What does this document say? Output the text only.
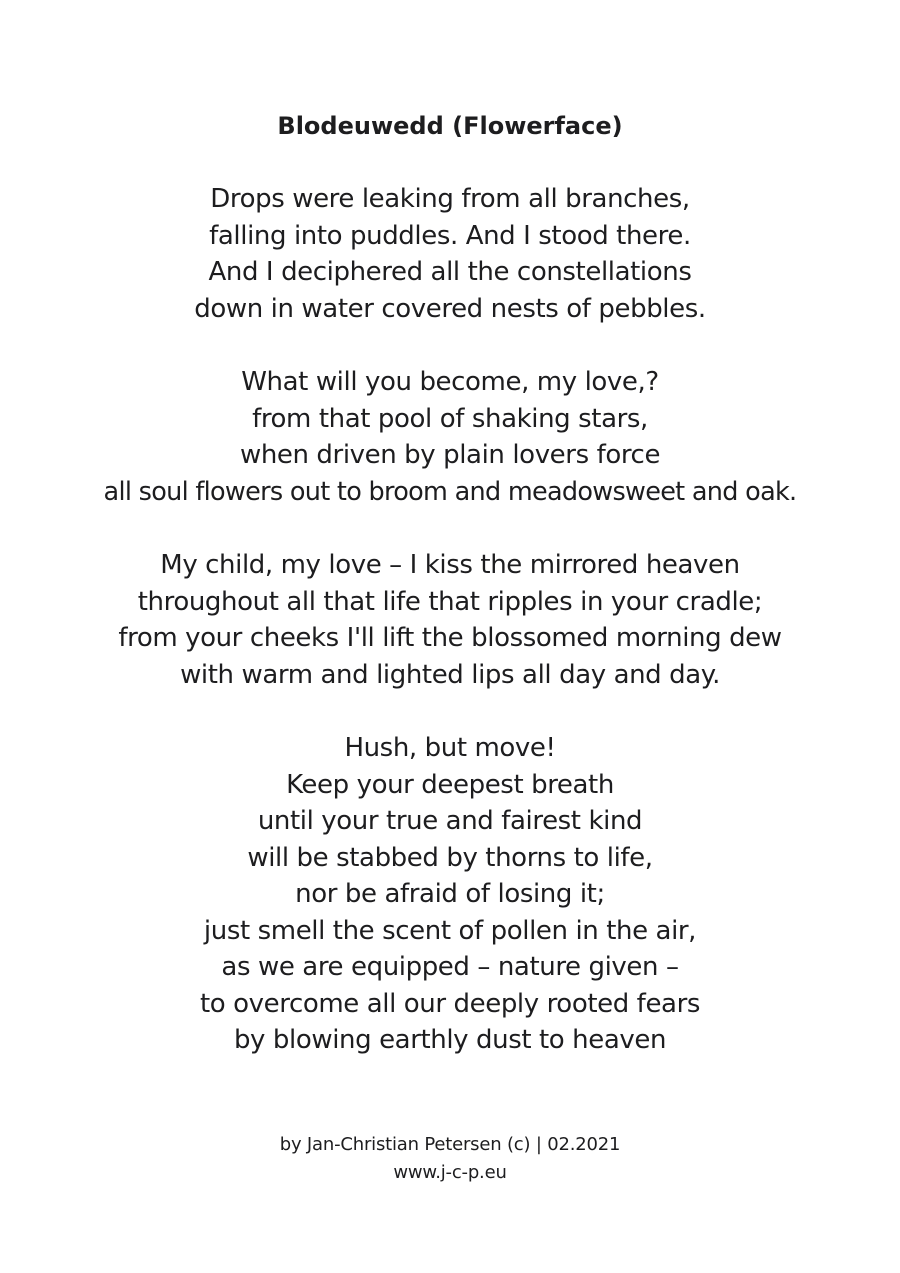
Blodeuwedd (Flowerface)
Drops were leaking from all branches,
falling into puddles. And I stood there.
And I deciphered all the constellations
down in water covered nests of pebbles.
What will you become, my love,?
from that pool of shaking stars,
when driven by plain lovers force
all soul flowers out to broom and meadowsweet and oak.
My child, my love – I kiss the mirrored heaven
throughout all that life that ripples in your cradle;
from your cheeks I'll lift the blossomed morning dew
with warm and lighted lips all day and day.
Hush, but move!
Keep your deepest breath
until your true and fairest kind
will be stabbed by thorns to life,
nor be afraid of losing it;
just smell the scent of pollen in the air,
as we are equipped – nature given –
to overcome all our deeply rooted fears
by blowing earthly dust to heaven
by Jan-Christian Petersen (c) | 02.2021
www.j-c-p.eu
